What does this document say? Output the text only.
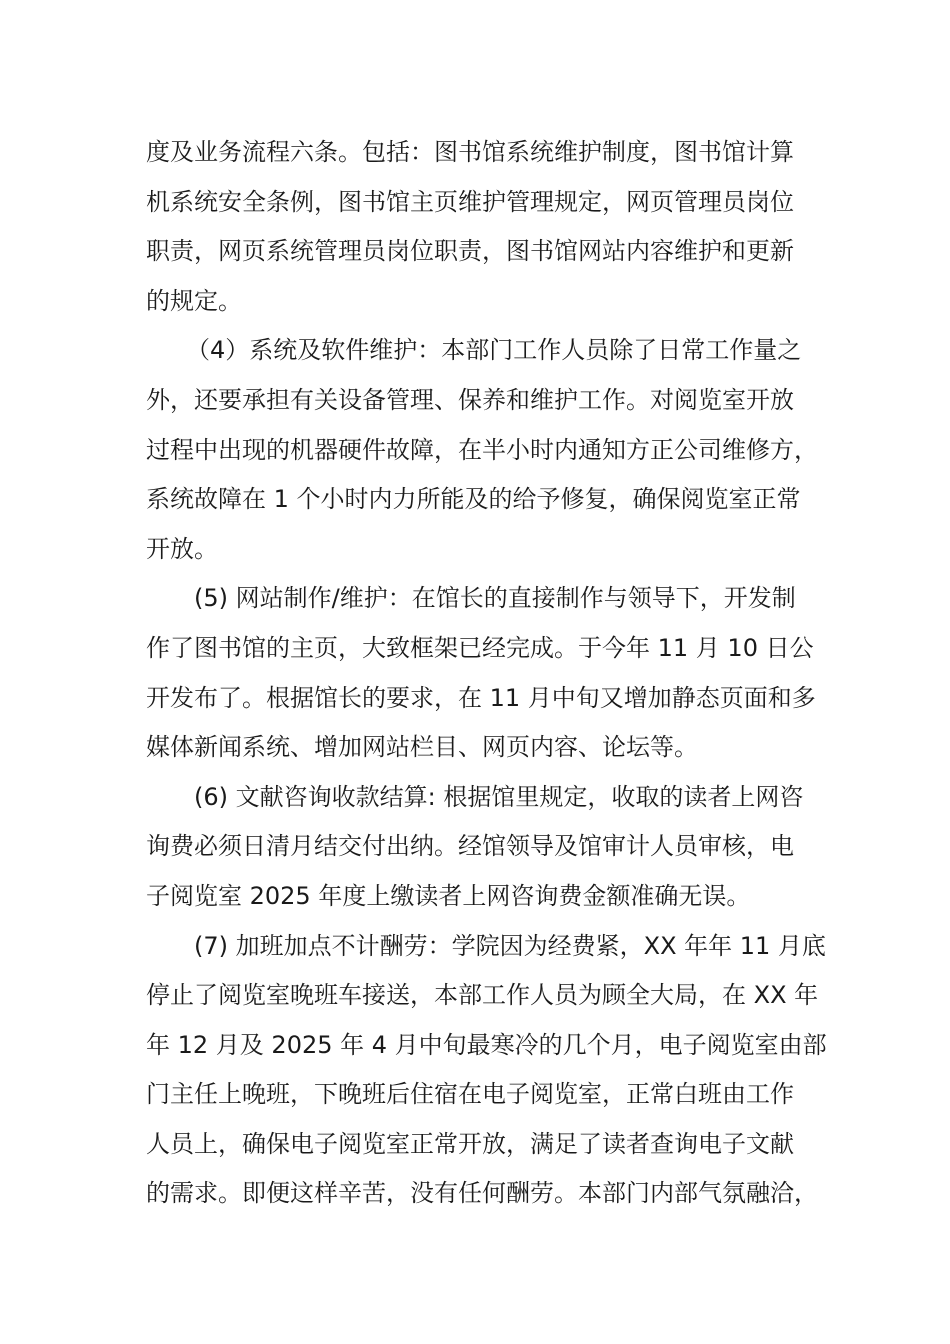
度及业务流程六条。包括：图书馆系统维护制度，图书馆计算
机系统安全条例，图书馆主页维护管理规定，网页管理员岗位
职责，网页系统管理员岗位职责，图书馆网站内容维护和更新
的规定。
（4）系统及软件维护：本部门工作人员除了日常工作量之
外，还要承担有关设备管理、保养和维护工作。对阅览室开放
过程中出现的机器硬件故障，在半小时内通知方正公司维修方，
系统故障在 1 个小时内力所能及的给予修复，确保阅览室正常
开放。
(5) 网站制作/维护：在馆长的直接制作与领导下，开发制
作了图书馆的主页，大致框架已经完成。于今年 11 月 10 日公
开发布了。根据馆长的要求，在 11 月中旬又增加静态页面和多
媒体新闻系统、增加网站栏目、网页内容、论坛等。
(6) 文献咨询收款结算: 根据馆里规定，收取的读者上网咨
询费必须日清月结交付出纳。经馆领导及馆审计人员审核，电
子阅览室 2025 年度上缴读者上网咨询费金额准确无误。
(7) 加班加点不计酬劳：学院因为经费紧，XX 年年 11 月底
停止了阅览室晚班车接送，本部工作人员为顾全大局，在 XX 年
年 12 月及 2025 年 4 月中旬最寒冷的几个月，电子阅览室由部
门主任上晚班，下晚班后住宿在电子阅览室，正常白班由工作
人员上，确保电子阅览室正常开放，满足了读者查询电子文献
的需求。即便这样辛苦，没有任何酬劳。本部门内部气氛融洽，
